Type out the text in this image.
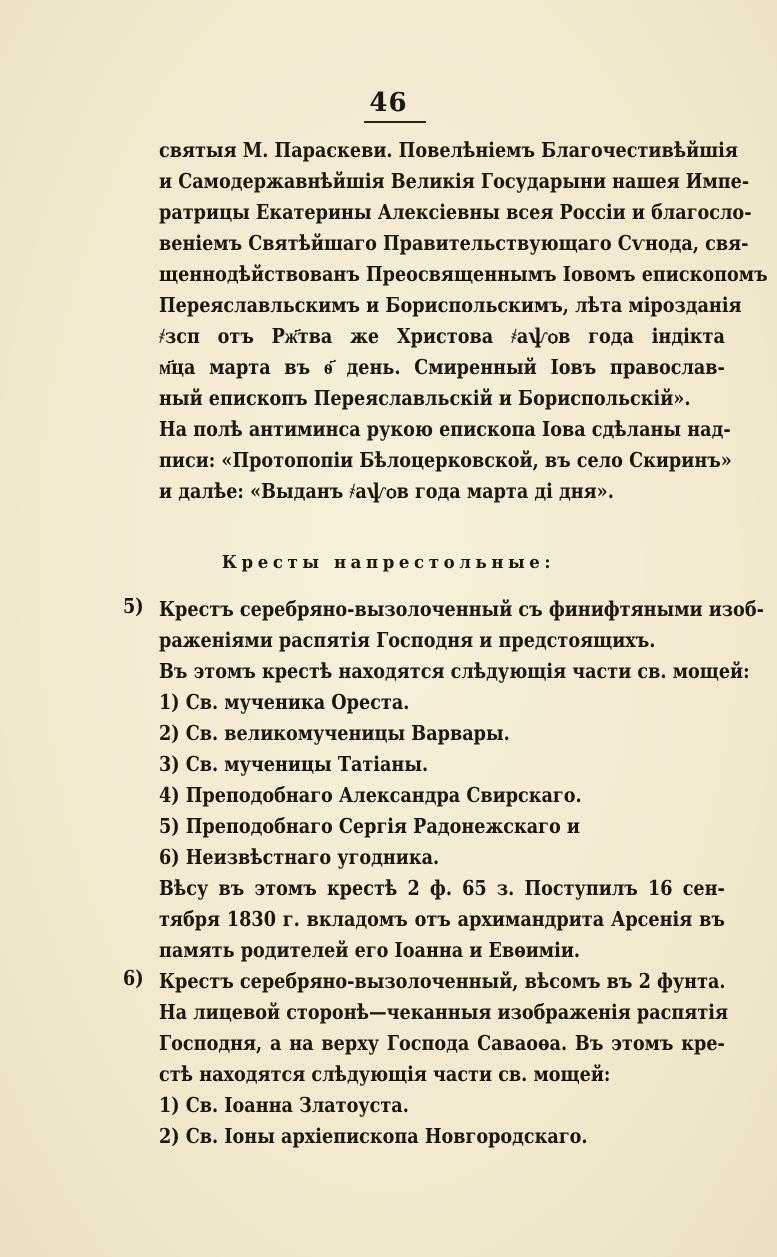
46
святыя М. Параскеви. Повелѣніемъ Благочестивѣйшія
и Самодержавнѣйшія Великія Государыни нашея Импе-
ратрицы Екатерины Алексіевны всея Россіи и благосло-
веніемъ Святѣйшаго Правительствующаго Сѵнода, свя-
щеннодѣйствованъ Преосвященнымъ Іовомъ епископомъ
Переяславльскимъ и Бориспольскимъ, лѣта мірозданія
҂зсп отъ Рж҃тва же Христова ҂аѱѻв года індікта
м҃ца марта въ ѳ҃ день. Смиренный Іовъ православ-
ный епископъ Переяславльскій и Бориспольскій».
На полѣ антиминса рукою епископа Іова сдѣланы над-
писи: «Протопопіи Бѣлоцерковской, въ село Скиринъ»
и далѣе: «Выданъ ҂аѱѻв года марта ді дня».
Кресты напрестольные:
5) Крестъ серебряно-вызолоченный съ финифтяными изоб-
раженіями распятія Господня и предстоящихъ.
Въ этомъ крестѣ находятся слѣдующія части св. мощей:
1) Св. мученика Ореста.
2) Св. великомученицы Варвары.
3) Св. мученицы Татіаны.
4) Преподобнаго Александра Свирскаго.
5) Преподобнаго Сергія Радонежскаго и
6) Неизвѣстнаго угодника.
Вѣсу въ этомъ крестѣ 2 ф. 65 з. Поступилъ 16 сен-
тября 1830 г. вкладомъ отъ архимандрита Арсенія въ
память родителей его Іоанна и Евѳиміи.
6) Крестъ серебряно-вызолоченный, вѣсомъ въ 2 фунта.
На лицевой сторонѣ—чеканныя изображенія распятія
Господня, а на верху Господа Саваоѳа. Въ этомъ кре-
стѣ находятся слѣдующія части св. мощей:
1) Св. Іоанна Златоуста.
2) Св. Іоны архіепископа Новгородскаго.
